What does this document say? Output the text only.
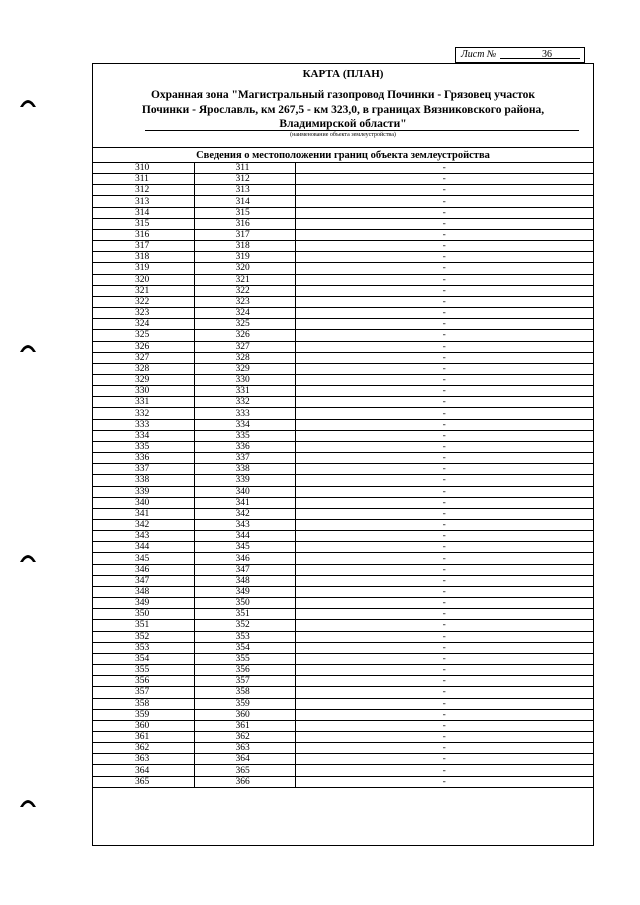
Лист №	36
КАРТА (ПЛАН)
Охранная зона "Магистральный газопровод Починки - Грязовец участок
Починки - Ярославль, км 267,5 - км 323,0, в границах Вязниковского района,
Владимирской области"
(наименование объекта землеустройства)
Сведения о местоположении границ объекта землеустройства
310	311	-
311	312	-
312	313	-
313	314	-
314	315	-
315	316	-
316	317	-
317	318	-
318	319	-
319	320	-
320	321	-
321	322	-
322	323	-
323	324	-
324	325	-
325	326	-
326	327	-
327	328	-
328	329	-
329	330	-
330	331	-
331	332	-
332	333	-
333	334	-
334	335	-
335	336	-
336	337	-
337	338	-
338	339	-
339	340	-
340	341	-
341	342	-
342	343	-
343	344	-
344	345	-
345	346	-
346	347	-
347	348	-
348	349	-
349	350	-
350	351	-
351	352	-
352	353	-
353	354	-
354	355	-
355	356	-
356	357	-
357	358	-
358	359	-
359	360	-
360	361	-
361	362	-
362	363	-
363	364	-
364	365	-
365	366	-
